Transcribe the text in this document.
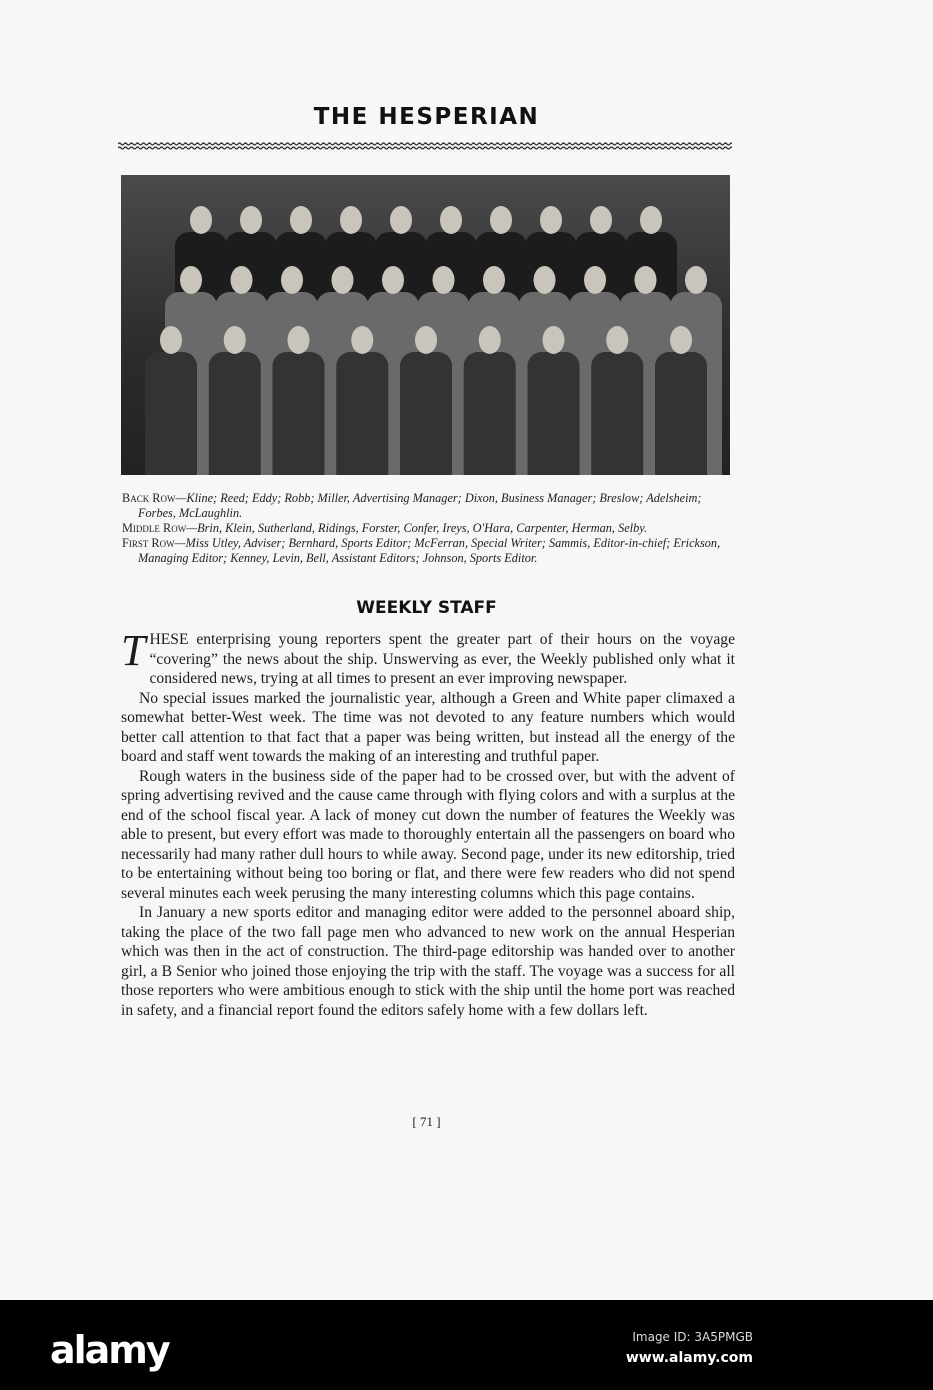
THE HESPERIAN

Back Row—Kline; Reed; Eddy; Robb; Miller, Advertising Manager; Dixon, Business Manager; Breslow; Adelsheim; Forbes, McLaughlin.

Middle Row—Brin, Klein, Sutherland, Ridings, Forster, Confer, Ireys, O'Hara, Carpenter, Herman, Selby.

First Row—Miss Utley, Adviser; Bernhard, Sports Editor; McFerran, Special Writer; Sammis, Editor-in-chief; Erickson, Managing Editor; Kenney, Levin, Bell, Assistant Editors; Johnson, Sports Editor.

WEEKLY STAFF

THESE enterprising young reporters spent the greater part of their hours on the voyage “covering” the news about the ship. Unswerving as ever, the Weekly published only what it considered news, trying at all times to present an ever improving newspaper.

No special issues marked the journalistic year, although a Green and White paper climaxed a somewhat better-West week. The time was not devoted to any feature numbers which would better call attention to that fact that a paper was being written, but instead all the energy of the board and staff went towards the making of an interesting and truthful paper.

Rough waters in the business side of the paper had to be crossed over, but with the advent of spring advertising revived and the cause came through with flying colors and with a surplus at the end of the school fiscal year. A lack of money cut down the number of features the Weekly was able to present, but every effort was made to thoroughly entertain all the passengers on board who necessarily had many rather dull hours to while away. Second page, under its new editorship, tried to be entertaining without being too boring or flat, and there were few readers who did not spend several minutes each week perusing the many interesting columns which this page contains.

In January a new sports editor and managing editor were added to the personnel aboard ship, taking the place of the two fall page men who advanced to new work on the annual Hesperian which was then in the act of construction. The third-page editorship was handed over to another girl, a B Senior who joined those enjoying the trip with the staff. The voyage was a success for all those reporters who were ambitious enough to stick with the ship until the home port was reached in safety, and a financial report found the editors safely home with a few dollars left.

[ 71 ]
alamy	Image ID: 3A5PMGB
www.alamy.com
